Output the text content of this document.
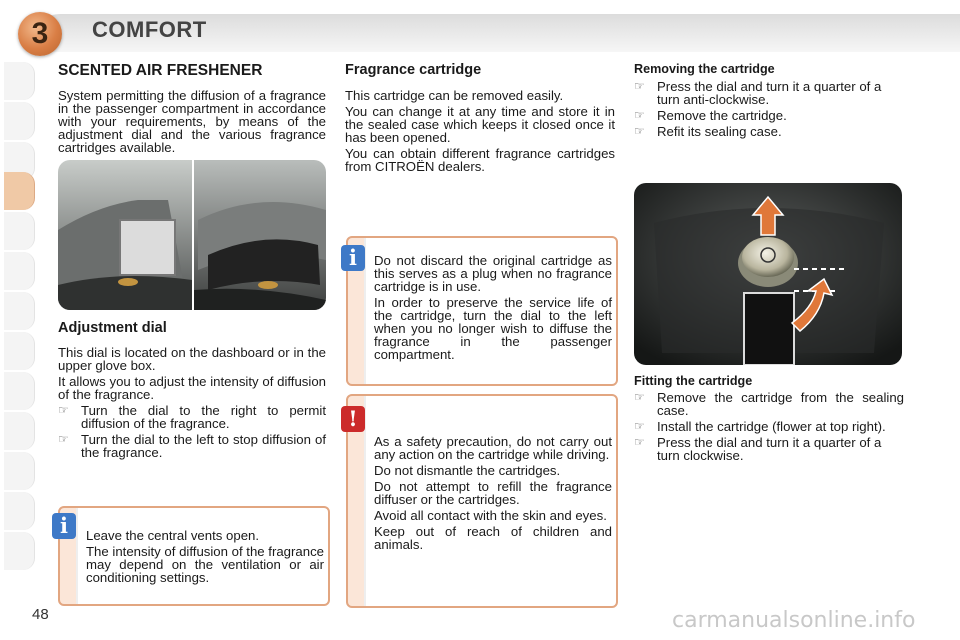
3	COMFORT
SCENTED AIR FRESHENER

System permitting the diffusion of a fragrance in the passenger compartment in accordance with your requirements, by means of the adjustment dial and the various fragrance cartridges available.

Adjustment dial

This dial is located on the dashboard or in the upper glove box.

It allows you to adjust the intensity of diffusion of the fragrance.

☞ Turn the dial to the right to permit diffusion of the fragrance.
☞ Turn the dial to the left to stop diffusion of the fragrance.

Leave the central vents open.

The intensity of diffusion of the fragrance may depend on the ventilation or air conditioning settings.

i
Fragrance cartridge

This cartridge can be removed easily.

You can change it at any time and store it in the sealed case which keeps it closed once it has been opened.

You can obtain different fragrance cartridges from CITROËN dealers.

Do not discard the original cartridge as this serves as a plug when no fragrance cartridge is in use.

In order to preserve the service life of the cartridge, turn the dial to the left when you no longer wish to diffuse the fragrance in the passenger compartment.

i

As a safety precaution, do not carry out any action on the cartridge while driving.

Do not dismantle the cartridges.

Do not attempt to refill the fragrance diffuser or the cartridges.

Avoid all contact with the skin and eyes.

Keep out of reach of children and animals.

!
Removing the cartridge
☞ Press the dial and turn it a quarter of a turn anti-clockwise.
☞ Remove the cartridge.
☞ Refit its sealing case.
Fitting the cartridge
☞ Remove the cartridge from the sealing case.
☞ Install the cartridge (flower at top right).
☞ Press the dial and turn it a quarter of a turn clockwise.
48	carmanualsonline.info
